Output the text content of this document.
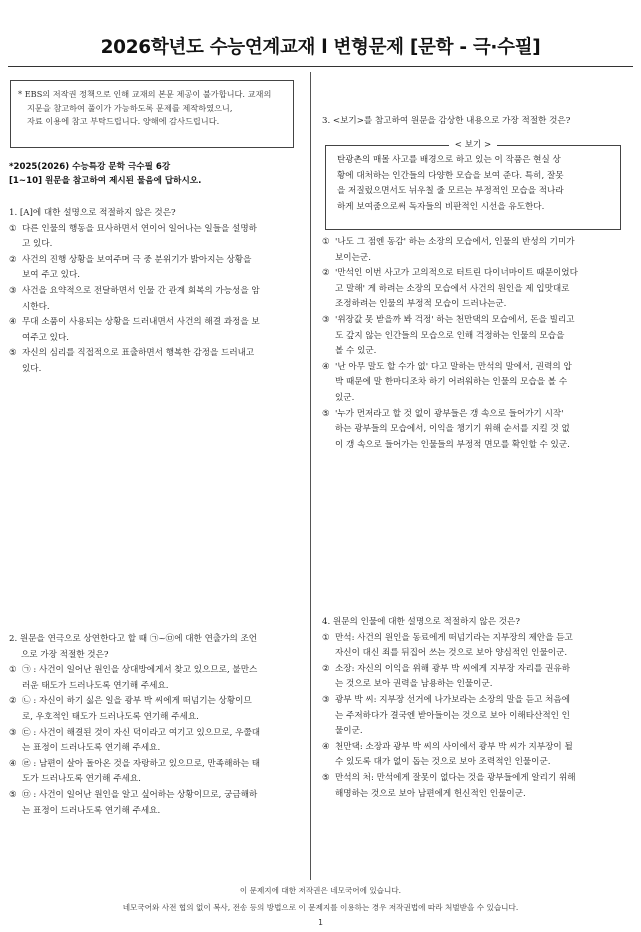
2026학년도 수능연계교재 l 변형문제 [문학 - 극·수필]

* EBS의 저작권 정책으로 인해 교재의 본문 제공이 불가합니다. 교재의

지문을 참고하여 풀이가 가능하도록 문제를 제작하였으니,

자료 이용에 참고 부탁드립니다. 양해에 감사드립니다.

*2025(2026) 수능특강 문학 극수필 6강

[1~10] 원문을 참고하여 제시된 물음에 답하시오.

1. [A]에 대한 설명으로 적절하지 않은 것은?

① 다른 인물의 행동을 묘사하면서 연이어 일어나는 일들을 설명하
고 있다.
② 사건의 진행 상황을 보여주며 극 중 분위기가 밝아지는 상황을
보여 주고 있다.
③ 사건을 요약적으로 전달하면서 인물 간 관계 회복의 가능성을 암
시한다.
④ 무대 소품이 사용되는 상황을 드러내면서 사건의 해결 과정을 보
여주고 있다.
⑤ 자신의 심리를 직접적으로 표출하면서 행복한 감정을 드러내고
있다.

2. 원문을 연극으로 상연한다고 할 때 ㉠~㉤에 대한 연출가의 조언
으로 가장 적절한 것은?

① ㉠ : 사건이 일어난 원인을 상대방에게서 찾고 있으므로, 불만스
러운 태도가 드러나도록 연기해 주세요.
② ㉡ : 자신이 하기 싫은 일을 광부 박 씨에게 떠넘기는 상황이므
로, 우호적인 태도가 드러나도록 연기해 주세요.
③ ㉢ : 사건이 해결된 것이 자신 덕이라고 여기고 있으므로, 우쭐대
는 표정이 드러나도록 연기해 주세요.
④ ㉣ : 남편이 살아 돌아온 것을 자랑하고 있으므로, 만족해하는 태
도가 드러나도록 연기해 주세요.
⑤ ㉤ : 사건이 일어난 원인을 알고 싶어하는 상황이므로, 궁금해하
는 표정이 드러나도록 연기해 주세요.

3. <보기>를 참고하여 원문을 감상한 내용으로 가장 적절한 것은?

< 보기 >
탄광촌의 매몰 사고를 배경으로 하고 있는 이 작품은 현실 상
황에 대처하는 인간들의 다양한 모습을 보여 준다. 특히, 잘못
을 저질렀으면서도 뉘우칠 줄 모르는 부정적인 모습을 적나라
하게 보여줌으로써 독자들의 비판적인 시선을 유도한다.
① '나도 그 점엔 동감' 하는 소장의 모습에서, 인물의 반성의 기미가
보이는군.
② '만석인 이번 사고가 고의적으로 터트린 다이너마이트 때문이었다
고 말해' 게 하려는 소장의 모습에서 사건의 원인을 제 입맛대로
조정하려는 인물의 부정적 모습이 드러나는군.
③ '위장값 못 받을까 봐 걱정' 하는 천만댁의 모습에서, 돈을 빌리고
도 갚지 않는 인간들의 모습으로 인해 걱정하는 인물의 모습을
볼 수 있군.
④ '난 아무 말도 할 수가 없' 다고 말하는 만석의 말에서, 권력의 압
박 때문에 말 한마디조차 하기 어려워하는 인물의 모습을 볼 수
있군.
⑤ '누가 먼저라고 할 것 없이 광부들은 갱 속으로 들어가기 시작'
하는 광부들의 모습에서, 이익을 챙기기 위해 순서를 지킬 것 없
이 갱 속으로 들어가는 인물들의 부정적 면모를 확인할 수 있군.

4. 원문의 인물에 대한 설명으로 적절하지 않은 것은?

① 만석: 사건의 원인을 동료에게 떠넘기라는 지부장의 제안을 듣고
자신이 대신 죄를 뒤집어 쓰는 것으로 보아 양심적인 인물이군.
② 소장: 자신의 이익을 위해 광부 박 씨에게 지부장 자리를 권유하
는 것으로 보아 권력을 남용하는 인물이군.
③ 광부 박 씨: 지부장 선거에 나가보라는 소장의 말을 듣고 처음에
는 주저하다가 결국엔 받아들이는 것으로 보아 이해타산적인 인
물이군.
④ 천만댁: 소장과 광부 박 씨의 사이에서 광부 박 씨가 지부장이 될
수 있도록 대가 없이 돕는 것으로 보아 조력적인 인물이군.
⑤ 만석의 처: 만석에게 잘못이 없다는 것을 광부들에게 알리기 위해
해명하는 것으로 보아 남편에게 헌신적인 인물이군.
이 문제지에 대한 저작권은 네모국어에 있습니다.
네모국어와 사전 협의 없이 복사, 전송 등의 방법으로 이 문제지를 이용하는 경우 저작권법에 따라 처벌받을 수 있습니다.
1
